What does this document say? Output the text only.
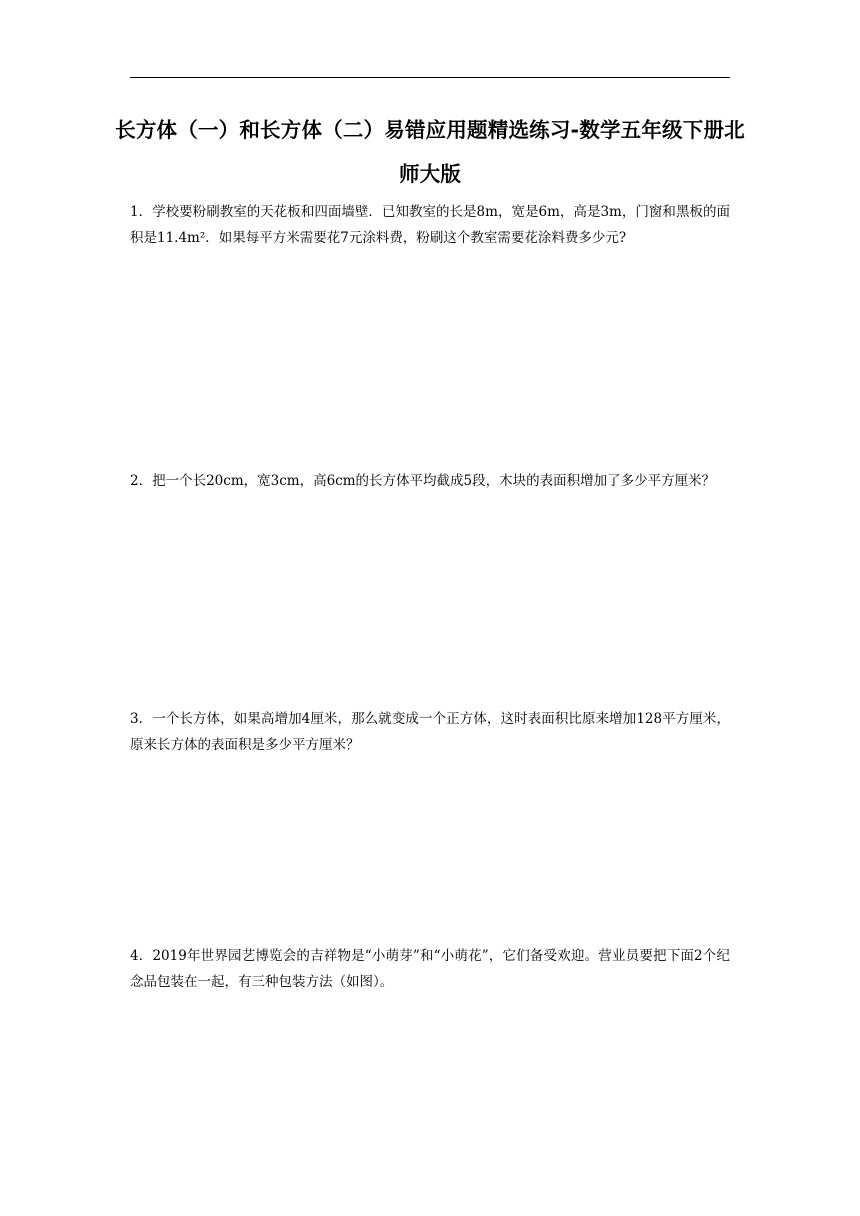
长方体（一）和长方体（二）易错应用题精选练习-数学五年级下册北师大版
1．学校要粉刷教室的天花板和四面墙壁．已知教室的长是8m，宽是6m，高是3m，门窗和黑板的面积是11.4m²．如果每平方米需要花7元涂料费，粉刷这个教室需要花涂料费多少元?
2．把一个长20cm，宽3cm，高6cm的长方体平均截成5段，木块的表面积增加了多少平方厘米？
3．一个长方体，如果高增加4厘米，那么就变成一个正方体，这时表面积比原来增加128平方厘米，原来长方体的表面积是多少平方厘米？
4．2019年世界园艺博览会的吉祥物是“小萌芽”和“小萌花”，它们备受欢迎。营业员要把下面2个纪念品包装在一起，有三种包装方法（如图）。
